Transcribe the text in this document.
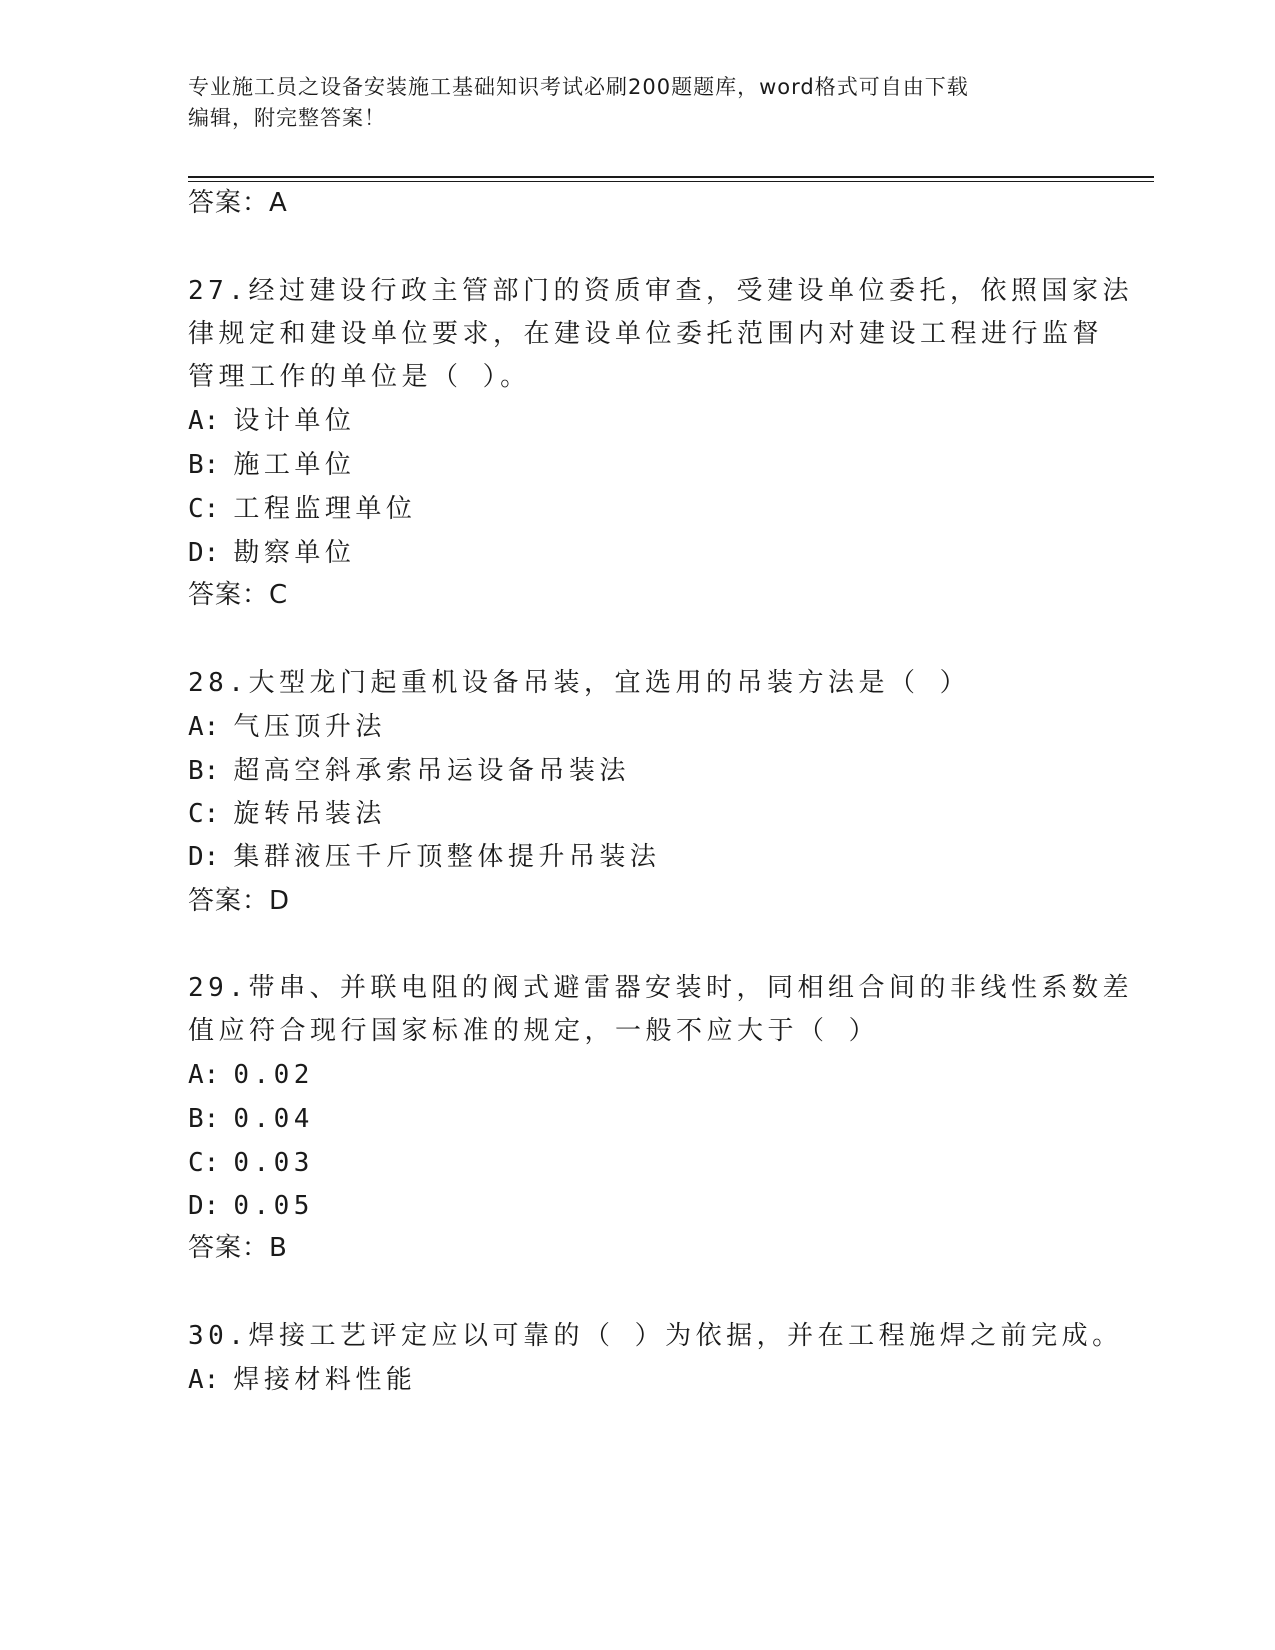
专业施工员之设备安装施工基础知识考试必刷200题题库，word格式可自由下载
编辑，附完整答案！
答案：A
27.经过建设行政主管部门的资质审查，受建设单位委托，依照国家法
律规定和建设单位要求，在建设单位委托范围内对建设工程进行监督
管理工作的单位是（ ）。
A: 设计单位
B: 施工单位
C: 工程监理单位
D: 勘察单位
答案：C
28.大型龙门起重机设备吊装，宜选用的吊装方法是（ ）
A: 气压顶升法
B: 超高空斜承索吊运设备吊装法
C: 旋转吊装法
D: 集群液压千斤顶整体提升吊装法
答案：D
29.带串、并联电阻的阀式避雷器安装时，同相组合间的非线性系数差
值应符合现行国家标准的规定，一般不应大于（ ）
A: 0.02
B: 0.04
C: 0.03
D: 0.05
答案：B
30.焊接工艺评定应以可靠的（ ）为依据，并在工程施焊之前完成。
A: 焊接材料性能
